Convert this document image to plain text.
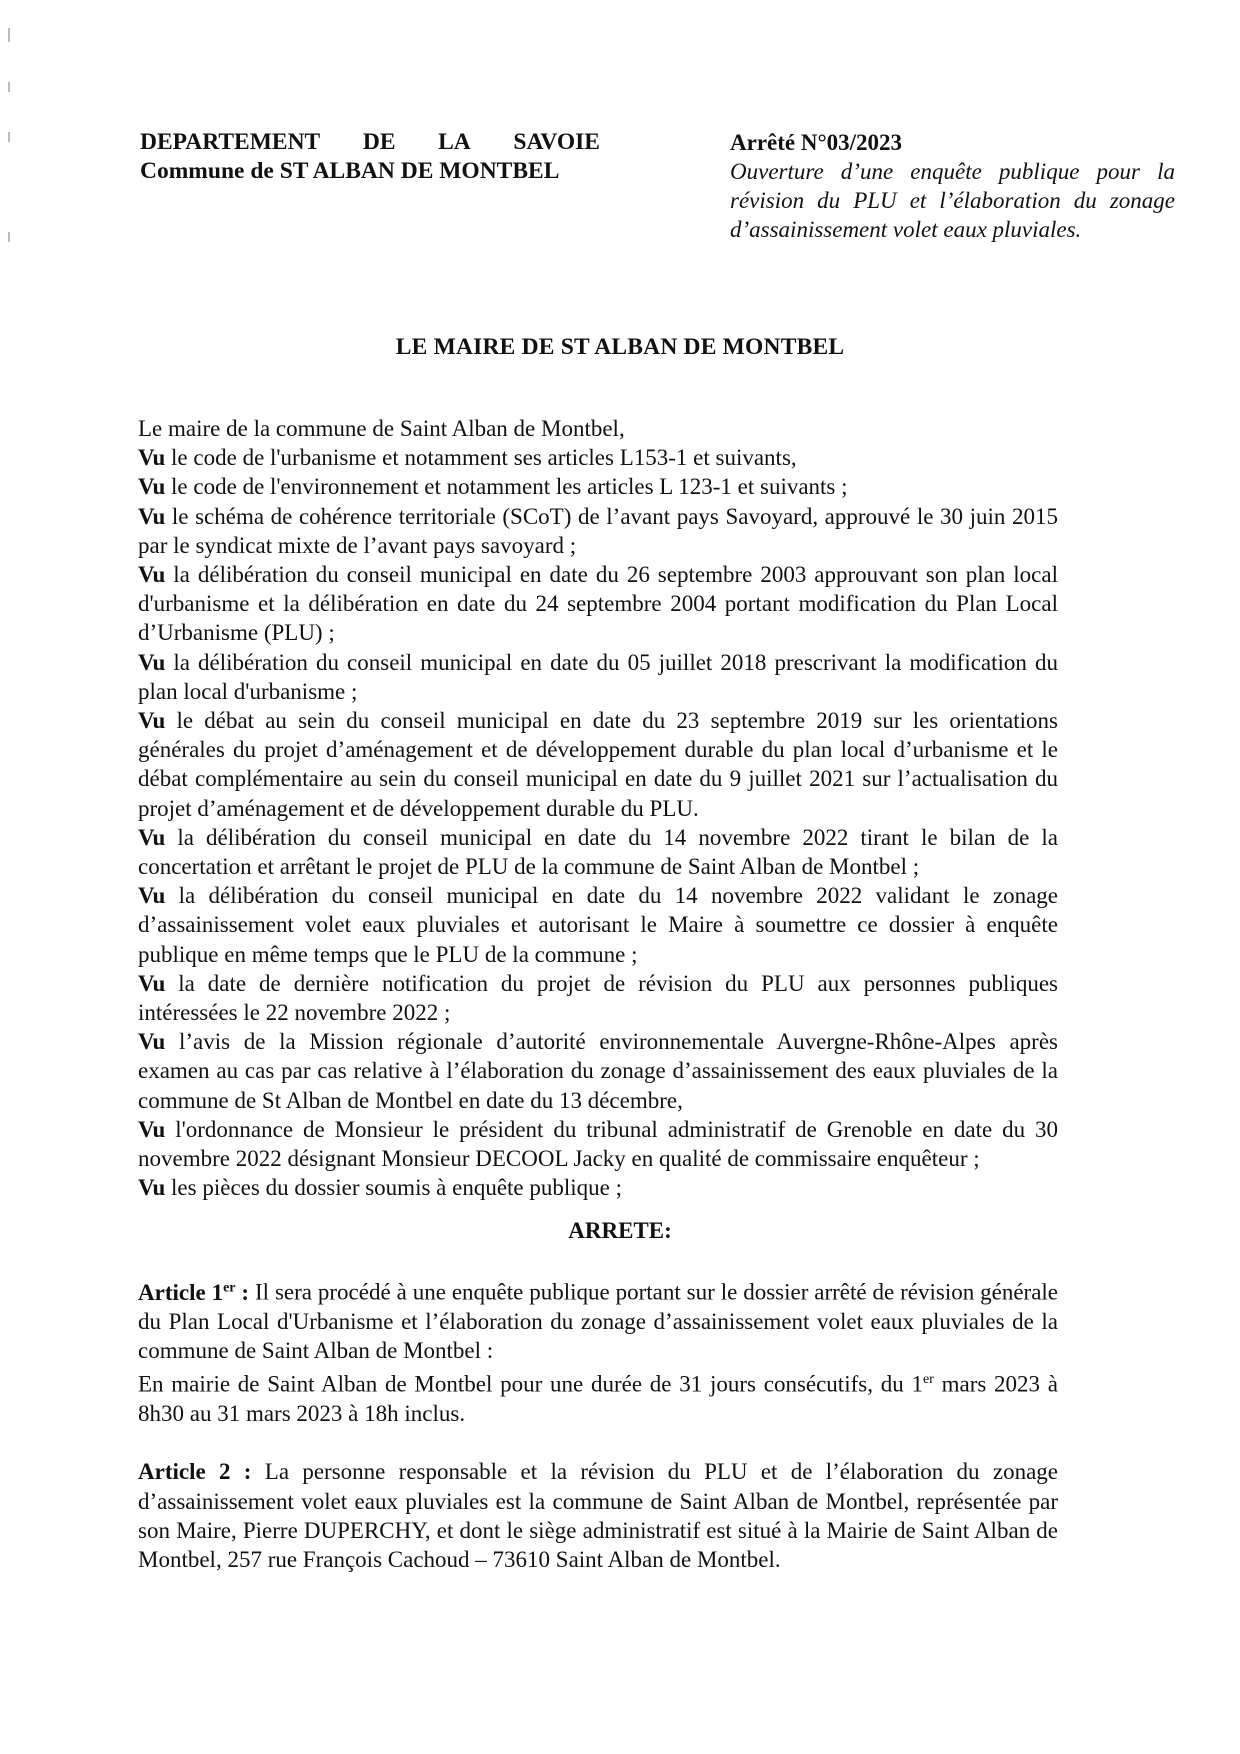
DEPARTEMENT DE LA SAVOIE
Commune de ST ALBAN DE MONTBEL
Arrêté N°03/2023
Ouverture d’une enquête publique pour la révision du PLU et l’élaboration du zonage d’assainissement volet eaux pluviales.
LE MAIRE DE ST ALBAN DE MONTBEL

Le maire de la commune de Saint Alban de Montbel,

Vu le code de l'urbanisme et notamment ses articles L153-1 et suivants,

Vu le code de l'environnement et notamment les articles L 123-1 et suivants ;

Vu le schéma de cohérence territoriale (SCoT) de l’avant pays Savoyard, approuvé le 30 juin 2015 par le syndicat mixte de l’avant pays savoyard ;

Vu la délibération du conseil municipal en date du 26 septembre 2003 approuvant son plan local d'urbanisme et la délibération en date du 24 septembre 2004 portant modification du Plan Local d’Urbanisme (PLU) ;

Vu la délibération du conseil municipal en date du 05 juillet 2018 prescrivant la modification du plan local d'urbanisme ;

Vu le débat au sein du conseil municipal en date du 23 septembre 2019 sur les orientations générales du projet d’aménagement et de développement durable du plan local d’urbanisme et le débat complémentaire au sein du conseil municipal en date du 9 juillet 2021 sur l’actualisation du projet d’aménagement et de développement durable du PLU.

Vu la délibération du conseil municipal en date du 14 novembre 2022 tirant le bilan de la concertation et arrêtant le projet de PLU de la commune de Saint Alban de Montbel ;

Vu la délibération du conseil municipal en date du 14 novembre 2022 validant le zonage d’assainissement volet eaux pluviales et autorisant le Maire à soumettre ce dossier à enquête publique en même temps que le PLU de la commune ;

Vu la date de dernière notification du projet de révision du PLU aux personnes publiques intéressées le 22 novembre 2022 ;

Vu l’avis de la Mission régionale d’autorité environnementale Auvergne-Rhône-Alpes après examen au cas par cas relative à l’élaboration du zonage d’assainissement des eaux pluviales de la commune de St Alban de Montbel en date du 13 décembre,

Vu l'ordonnance de Monsieur le président du tribunal administratif de Grenoble en date du 30 novembre 2022 désignant Monsieur DECOOL Jacky en qualité de commissaire enquêteur ;

Vu les pièces du dossier soumis à enquête publique ;

ARRETE:

Article 1er : Il sera procédé à une enquête publique portant sur le dossier arrêté de révision générale du Plan Local d'Urbanisme et l’élaboration du zonage d’assainissement volet eaux pluviales de la commune de Saint Alban de Montbel :

En mairie de Saint Alban de Montbel pour une durée de 31 jours consécutifs, du 1er mars 2023 à 8h30 au 31 mars 2023 à 18h inclus.

Article 2 : La personne responsable et la révision du PLU et de l’élaboration du zonage d’assainissement volet eaux pluviales est la commune de Saint Alban de Montbel, représentée par son Maire, Pierre DUPERCHY, et dont le siège administratif est situé à la Mairie de Saint Alban de Montbel, 257 rue François Cachoud – 73610 Saint Alban de Montbel.
